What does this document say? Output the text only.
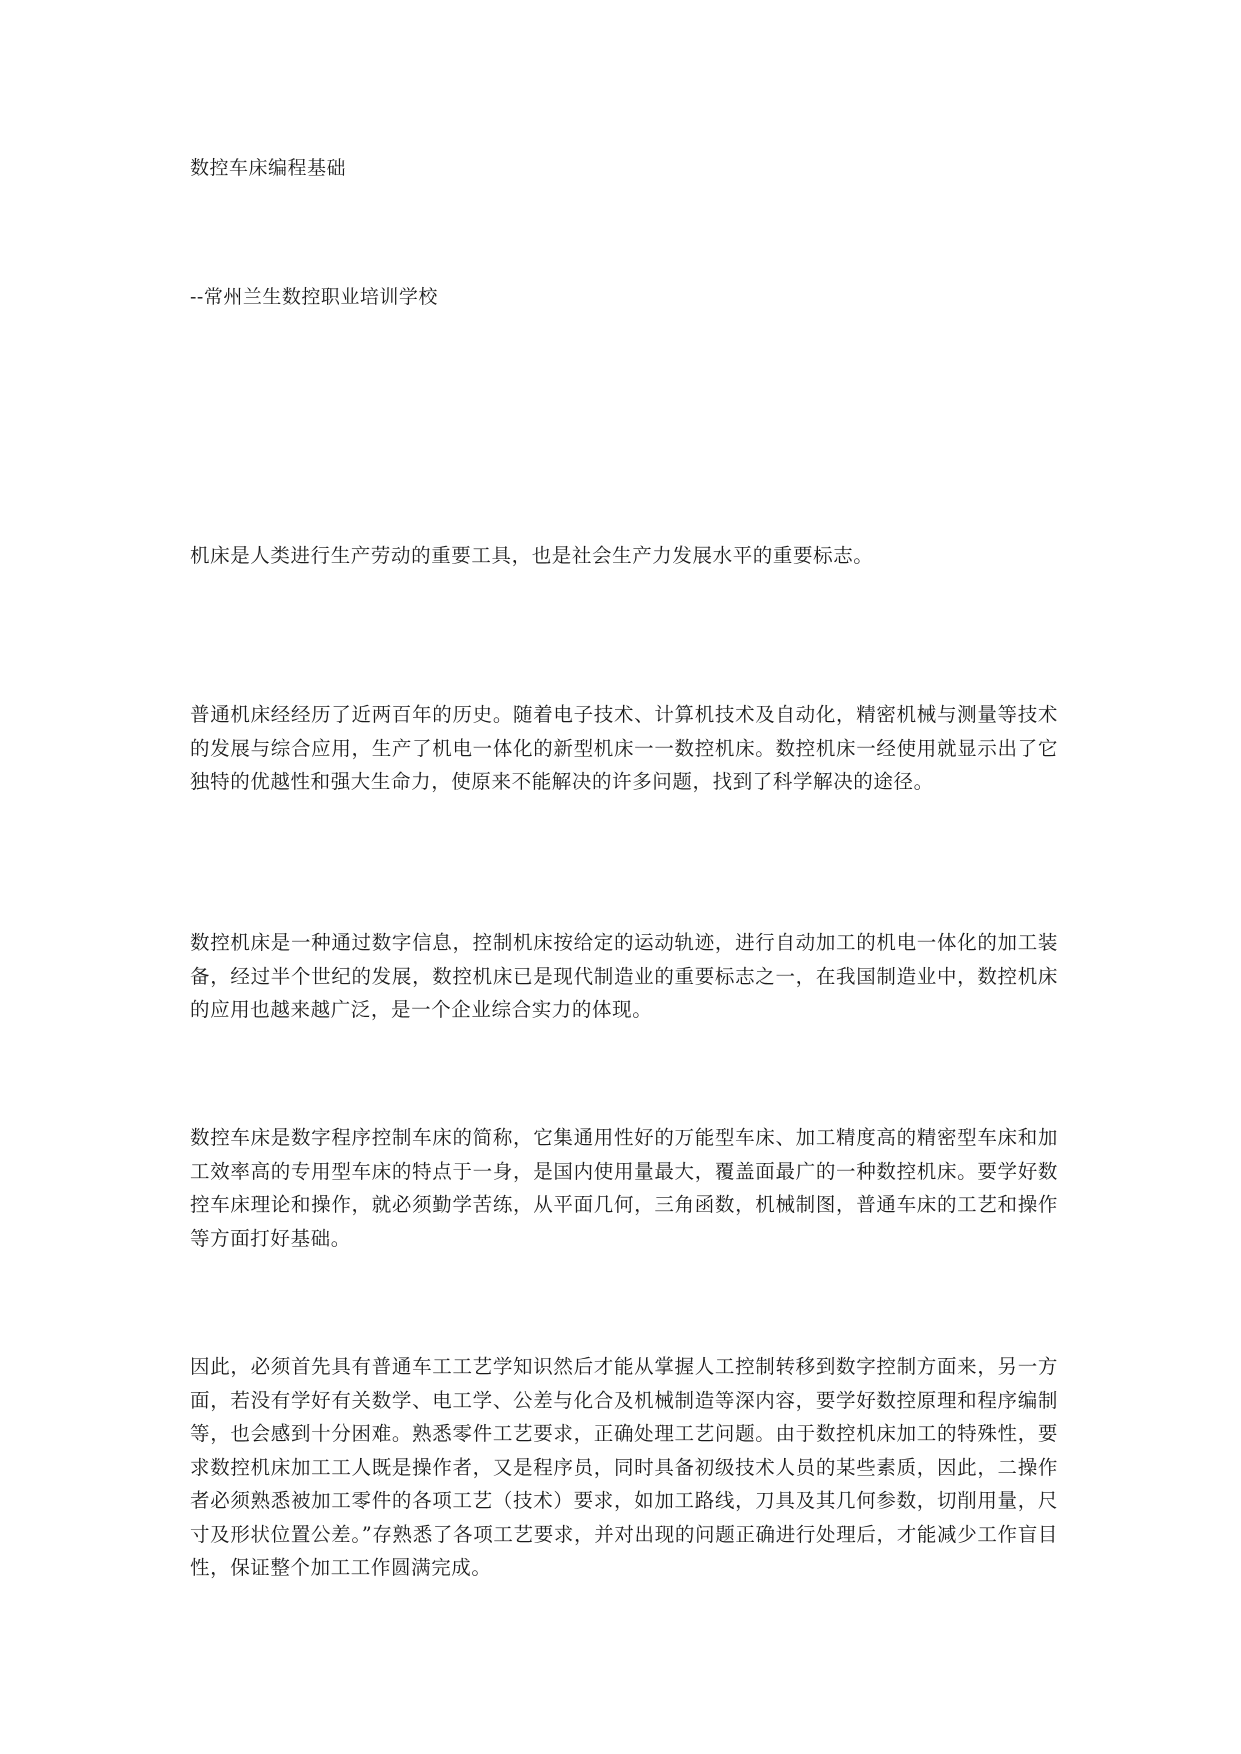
数控车床编程基础
--常州兰生数控职业培训学校

机床是人类进行生产劳动的重要工具，也是社会生产力发展水平的重要标志。

普通机床经经历了近两百年的历史。随着电子技术、计算机技术及自动化，精密机械与测量等技术的发展与综合应用，生产了机电一体化的新型机床一一数控机床。数控机床一经使用就显示出了它独特的优越性和强大生命力，使原来不能解决的许多问题，找到了科学解决的途径。

数控机床是一种通过数字信息，控制机床按给定的运动轨迹，进行自动加工的机电一体化的加工装备，经过半个世纪的发展，数控机床已是现代制造业的重要标志之一，在我国制造业中，数控机床的应用也越来越广泛，是一个企业综合实力的体现。

数控车床是数字程序控制车床的简称，它集通用性好的万能型车床、加工精度高的精密型车床和加工效率高的专用型车床的特点于一身，是国内使用量最大，覆盖面最广的一种数控机床。要学好数控车床理论和操作，就必须勤学苦练，从平面几何，三角函数，机械制图，普通车床的工艺和操作等方面打好基础。

因此，必须首先具有普通车工工艺学知识然后才能从掌握人工控制转移到数字控制方面来，另一方面，若没有学好有关数学、电工学、公差与化合及机械制造等深内容，要学好数控原理和程序编制等，也会感到十分困难。熟悉零件工艺要求，正确处理工艺问题。由于数控机床加工的特殊性，要求数控机床加工工人既是操作者，又是程序员，同时具备初级技术人员的某些素质，因此，二操作者必须熟悉被加工零件的各项工艺（技术）要求，如加工路线，刀具及其几何参数，切削用量，尺寸及形状位置公差。”存熟悉了各项工艺要求，并对出现的问题正确进行处理后，才能减少工作盲目性，保证整个加工工作圆满完成。
